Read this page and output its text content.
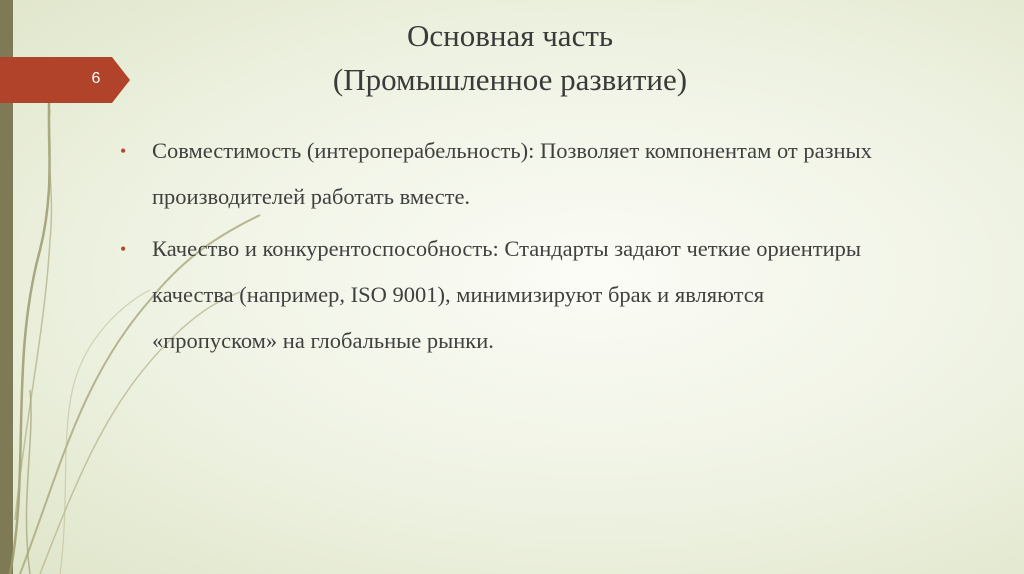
6
Основная часть
(Промышленное развитие)
• Совместимость (интероперабельность): Позволяет компонентам от разных производителей работать вместе.
• Качество и конкурентоспособность: Стандарты задают четкие ориентиры качества (например, ISO 9001), минимизируют брак и являются «пропуском» на глобальные рынки.
